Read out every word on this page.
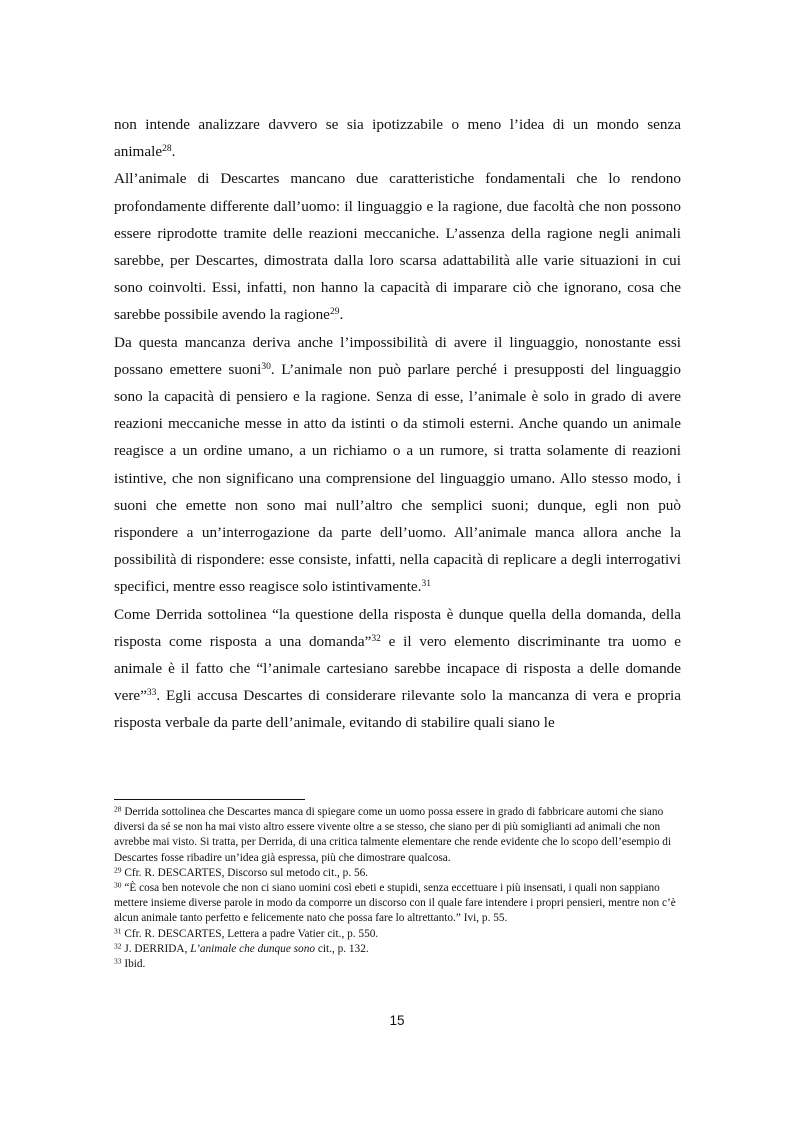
non intende analizzare davvero se sia ipotizzabile o meno l’idea di un mondo senza animale$^{28}$.

All’animale di Descartes mancano due caratteristiche fondamentali che lo rendono profondamente differente dall’uomo: il linguaggio e la ragione, due facoltà che non possono essere riprodotte tramite delle reazioni meccaniche. L’assenza della ragione negli animali sarebbe, per Descartes, dimostrata dalla loro scarsa adattabilità alle varie situazioni in cui sono coinvolti. Essi, infatti, non hanno la capacità di imparare ciò che ignorano, cosa che sarebbe possibile avendo la ragione$^{29}$.

Da questa mancanza deriva anche l’impossibilità di avere il linguaggio, nonostante essi possano emettere suoni$^{30}$. L’animale non può parlare perché i presupposti del linguaggio sono la capacità di pensiero e la ragione. Senza di esse, l’animale è solo in grado di avere reazioni meccaniche messe in atto da istinti o da stimoli esterni. Anche quando un animale reagisce a un ordine umano, a un richiamo o a un rumore, si tratta solamente di reazioni istintive, che non significano una comprensione del linguaggio umano. Allo stesso modo, i suoni che emette non sono mai null’altro che semplici suoni; dunque, egli non può rispondere a un’interrogazione da parte dell’uomo. All’animale manca allora anche la possibilità di rispondere: esse consiste, infatti, nella capacità di replicare a degli interrogativi specifici, mentre esso reagisce solo istintivamente.$^{31}$

Come Derrida sottolinea “la questione della risposta è dunque quella della domanda, della risposta come risposta a una domanda”$^{32}$ e il vero elemento discriminante tra uomo e animale è il fatto che “l’animale cartesiano sarebbe incapace di risposta a delle domande vere”$^{33}$. Egli accusa Descartes di considerare rilevante solo la mancanza di vera e propria risposta verbale da parte dell’animale, evitando di stabilire quali siano le

$^{28}$ Derrida sottolinea che Descartes manca di spiegare come un uomo possa essere in grado di fabbricare automi che siano diversi da sé se non ha mai visto altro essere vivente oltre a se stesso, che siano per di più somiglianti ad animali che non avrebbe mai visto. Si tratta, per Derrida, di una critica talmente elementare che rende evidente che lo scopo dell’esempio di Descartes fosse ribadire un’idea già espressa, più che dimostrare qualcosa.

$^{29}$ Cfr. R. DESCARTES, Discorso sul metodo cit., p. 56.

$^{30}$ “È cosa ben notevole che non ci siano uomini così ebeti e stupidi, senza eccettuare i più insensati, i quali non sappiano mettere insieme diverse parole in modo da comporre un discorso con il quale fare intendere i propri pensieri, mentre non c’è alcun animale tanto perfetto e felicemente nato che possa fare lo altrettanto.” Ivi, p. 55.

$^{31}$ Cfr. R. DESCARTES, Lettera a padre Vatier cit., p. 550.

$^{32}$ J. DERRIDA, L’animale che dunque sono cit., p. 132.

$^{33}$ Ibid.

15
